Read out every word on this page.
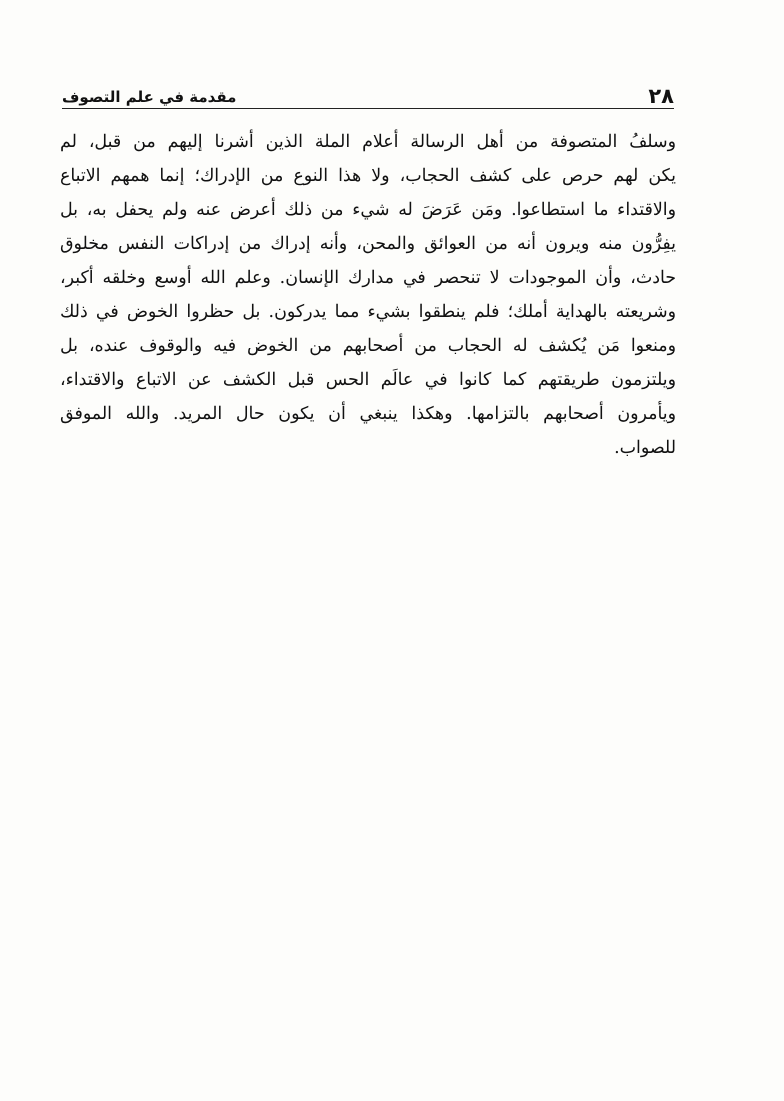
٢٨
مقدمة في علم التصوف
وسلفُ المتصوفة من أهل الرسالة أعلام الملة الذين أشرنا إليهم من قبل، لم
يكن لهم حرص على كشف الحجاب، ولا هذا النوع من الإدراك؛ إنما همهم الاتباع
والاقتداء ما استطاعوا. ومَن عَرَضَ له شيء من ذلك أعرض عنه ولم يحفل به، بل
يفِرُّون منه ويرون أنه من العوائق والمحن، وأنه إدراك من إدراكات النفس مخلوق
حادث، وأن الموجودات لا تنحصر في مدارك الإنسان. وعلم الله أوسع وخلقه أكبر،
وشريعته بالهداية أملك؛ فلم ينطقوا بشيء مما يدركون. بل حظروا الخوض في ذلك
ومنعوا مَن يُكشف له الحجاب من أصحابهم من الخوض فيه والوقوف عنده، بل
ويلتزمون طريقتهم كما كانوا في عالَم الحس قبل الكشف عن الاتباع والاقتداء،
ويأمرون أصحابهم بالتزامها. وهكذا ينبغي أن يكون حال المريد. والله الموفق
للصواب.
